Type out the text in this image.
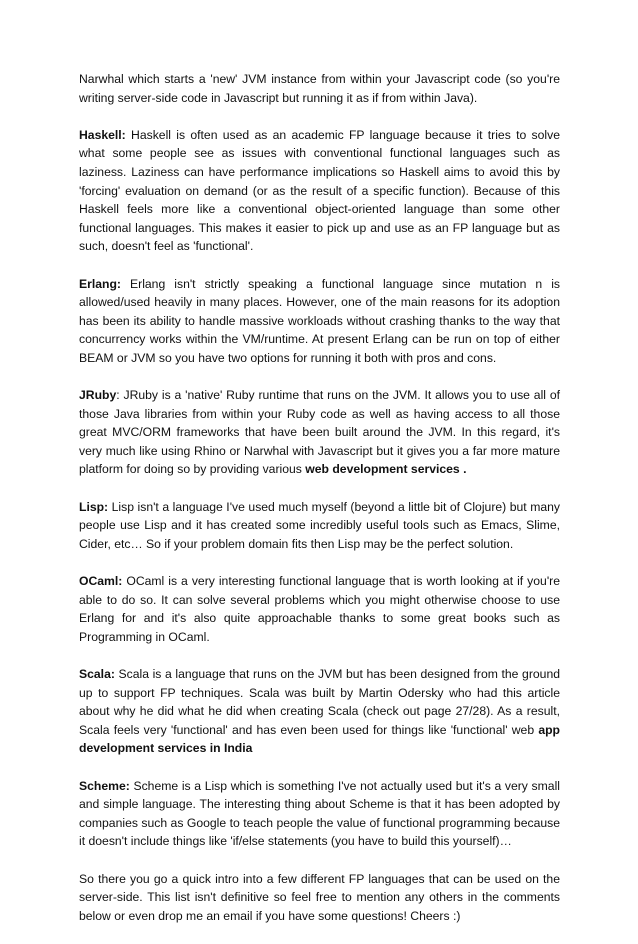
Narwhal which starts a 'new' JVM instance from within your Javascript code (so you're writing server-side code in Javascript but running it as if from within Java).

Haskell: Haskell is often used as an academic FP language because it tries to solve what some people see as issues with conventional functional languages such as laziness. Laziness can have performance implications so Haskell aims to avoid this by 'forcing' evaluation on demand (or as the result of a specific function). Because of this Haskell feels more like a conventional object-oriented language than some other functional languages. This makes it easier to pick up and use as an FP language but as such, doesn't feel as 'functional'.

Erlang: Erlang isn't strictly speaking a functional language since mutation n is allowed/used heavily in many places. However, one of the main reasons for its adoption has been its ability to handle massive workloads without crashing thanks to the way that concurrency works within the VM/runtime. At present Erlang can be run on top of either BEAM or JVM so you have two options for running it both with pros and cons.

JRuby: JRuby is a 'native' Ruby runtime that runs on the JVM. It allows you to use all of those Java libraries from within your Ruby code as well as having access to all those great MVC/ORM frameworks that have been built around the JVM. In this regard, it's very much like using Rhino or Narwhal with Javascript but it gives you a far more mature platform for doing so by providing various web development services .

Lisp: Lisp isn't a language I've used much myself (beyond a little bit of Clojure) but many people use Lisp and it has created some incredibly useful tools such as Emacs, Slime, Cider, etc… So if your problem domain fits then Lisp may be the perfect solution.

OCaml: OCaml is a very interesting functional language that is worth looking at if you're able to do so. It can solve several problems which you might otherwise choose to use Erlang for and it's also quite approachable thanks to some great books such as Programming in OCaml.

Scala: Scala is a language that runs on the JVM but has been designed from the ground up to support FP techniques. Scala was built by Martin Odersky who had this article about why he did what he did when creating Scala (check out page 27/28). As a result, Scala feels very 'functional' and has even been used for things like 'functional' web app development services in India

Scheme: Scheme is a Lisp which is something I've not actually used but it's a very small and simple language. The interesting thing about Scheme is that it has been adopted by companies such as Google to teach people the value of functional programming because it doesn't include things like 'if/else statements (you have to build this yourself)…

So there you go a quick intro into a few different FP languages that can be used on the server-side. This list isn't definitive so feel free to mention any others in the comments below or even drop me an email if you have some questions! Cheers :)
